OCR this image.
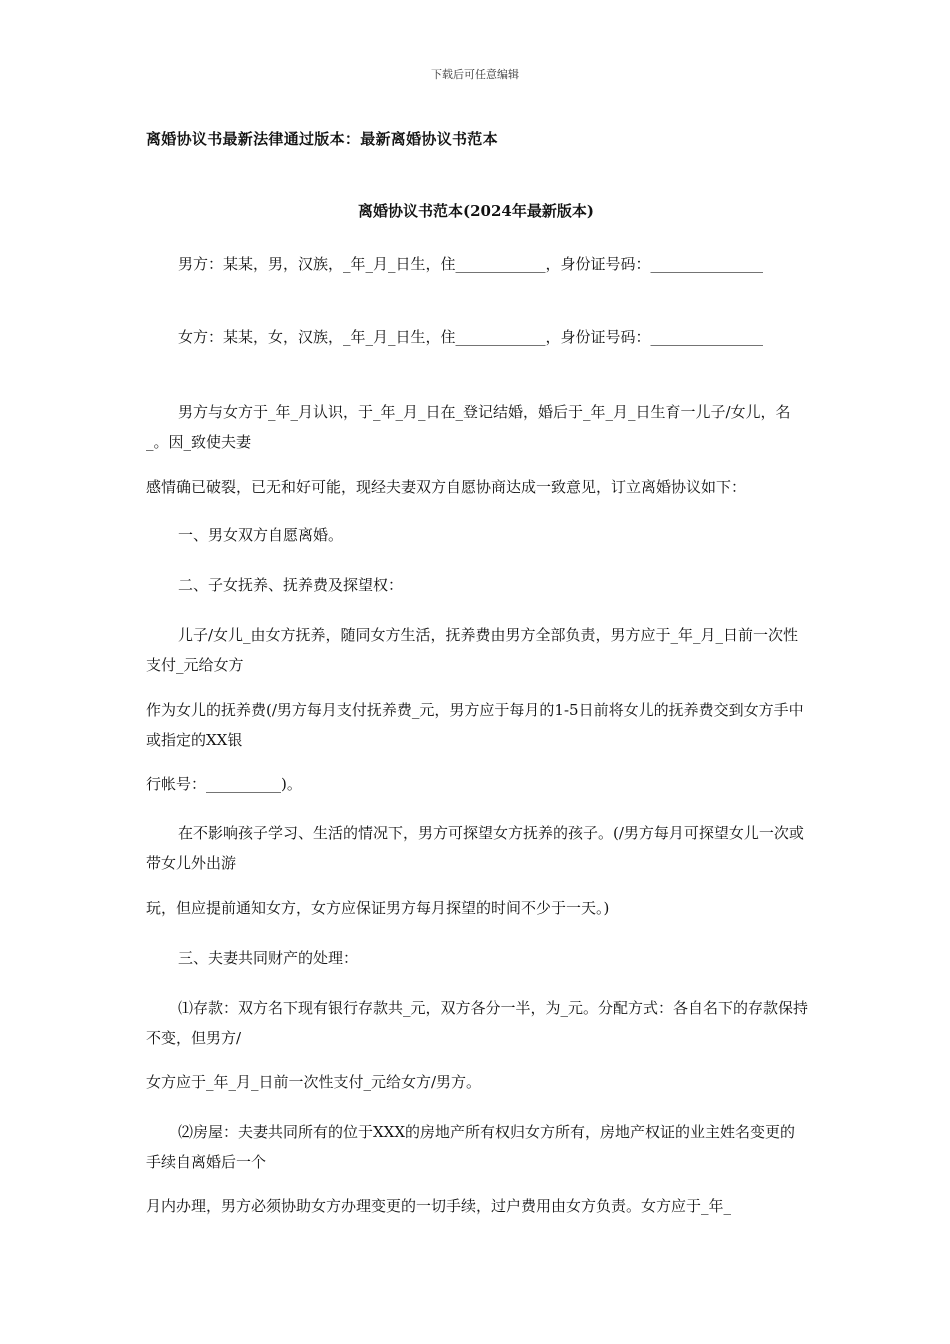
下载后可任意编辑
离婚协议书最新法律通过版本：最新离婚协议书范本
离婚协议书范本(2024年最新版本)
男方：某某，男，汉族，_年_月_日生，住____________，身份证号码：_______________
女方：某某，女，汉族，_年_月_日生，住____________，身份证号码：_______________
男方与女方于_年_月认识，于_年_月_日在_登记结婚，婚后于_年_月_日生育一儿子/女儿，名_。因_致使夫妻
感情确已破裂，已无和好可能，现经夫妻双方自愿协商达成一致意见，订立离婚协议如下：
一、男女双方自愿离婚。
二、子女抚养、抚养费及探望权：
儿子/女儿_由女方抚养，随同女方生活，抚养费由男方全部负责，男方应于_年_月_日前一次性支付_元给女方
作为女儿的抚养费(/男方每月支付抚养费_元，男方应于每月的1-5日前将女儿的抚养费交到女方手中或指定的XX银
行帐号：__________)。
在不影响孩子学习、生活的情况下，男方可探望女方抚养的孩子。(/男方每月可探望女儿一次或带女儿外出游
玩，但应提前通知女方，女方应保证男方每月探望的时间不少于一天。)
三、夫妻共同财产的处理：
⑴存款：双方名下现有银行存款共_元，双方各分一半，为_元。分配方式：各自名下的存款保持不变，但男方/
女方应于_年_月_日前一次性支付_元给女方/男方。
⑵房屋：夫妻共同所有的位于XXX的房地产所有权归女方所有，房地产权证的业主姓名变更的手续自离婚后一个
月内办理，男方必须协助女方办理变更的一切手续，过户费用由女方负责。女方应于_年_
